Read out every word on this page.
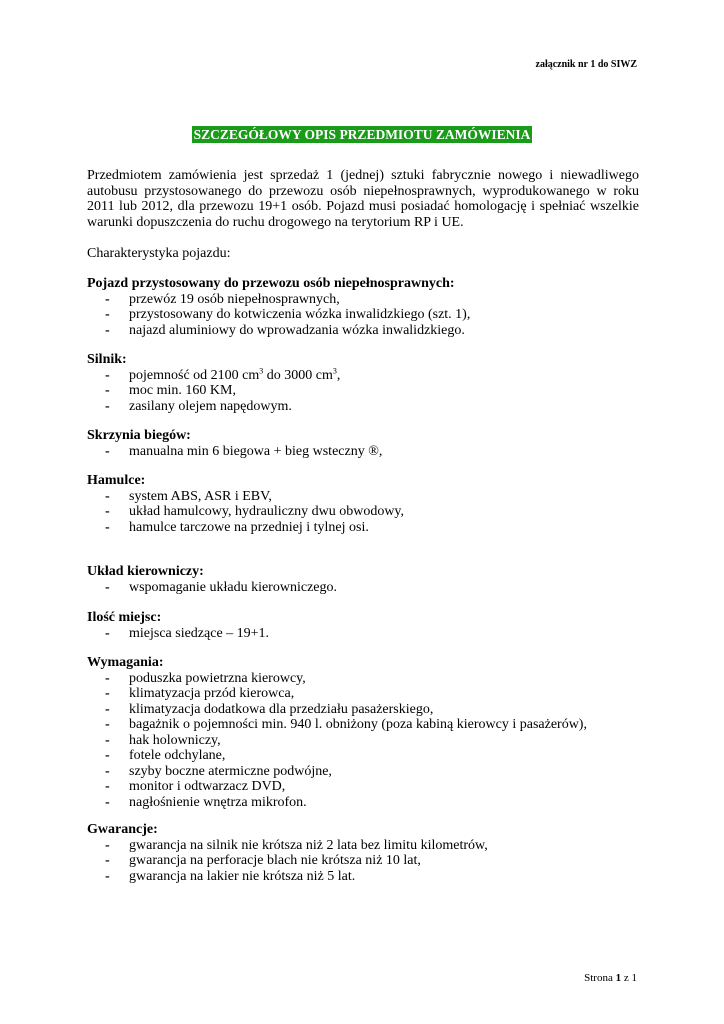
załącznik nr 1 do SIWZ
SZCZEGÓŁOWY OPIS PRZEDMIOTU ZAMÓWIENIA
Przedmiotem zamówienia jest sprzedaż 1 (jednej) sztuki fabrycznie nowego i niewadliwego autobusu przystosowanego do przewozu osób niepełnosprawnych, wyprodukowanego w roku 2011 lub 2012, dla przewozu 19+1 osób. Pojazd musi posiadać homologację i spełniać wszelkie warunki dopuszczenia do ruchu drogowego na terytorium RP i UE.
Charakterystyka pojazdu:
Pojazd przystosowany do przewozu osób niepełnosprawnych:
- przewóz 19 osób niepełnosprawnych,
- przystosowany do kotwiczenia wózka inwalidzkiego (szt. 1),
- najazd aluminiowy do wprowadzania wózka inwalidzkiego.
Silnik:
- pojemność od 2100 $cm^3$ do 3000 $cm^3$,
- moc min. 160 KM,
- zasilany olejem napędowym.
Skrzynia biegów:
- manualna min 6 biegowa + bieg wsteczny ®,
Hamulce:
- system ABS, ASR i EBV,
- układ hamulcowy, hydrauliczny dwu obwodowy,
- hamulce tarczowe na przedniej i tylnej osi.
Układ kierowniczy:
- wspomaganie układu kierowniczego.
Ilość miejsc:
- miejsca siedzące – 19+1.
Wymagania:
- poduszka powietrzna kierowcy,
- klimatyzacja przód kierowca,
- klimatyzacja dodatkowa dla przedziału pasażerskiego,
- bagażnik o pojemności min. 940 l. obniżony (poza kabiną kierowcy i pasażerów),
- hak holowniczy,
- fotele odchylane,
- szyby boczne atermiczne podwójne,
- monitor i odtwarzacz DVD,
- nagłośnienie wnętrza mikrofon.
Gwarancje:
- gwarancja na silnik nie krótsza niż 2 lata bez limitu kilometrów,
- gwarancja na perforacje blach nie krótsza niż 10 lat,
- gwarancja na lakier nie krótsza niż 5 lat.
Strona 1 z 1
